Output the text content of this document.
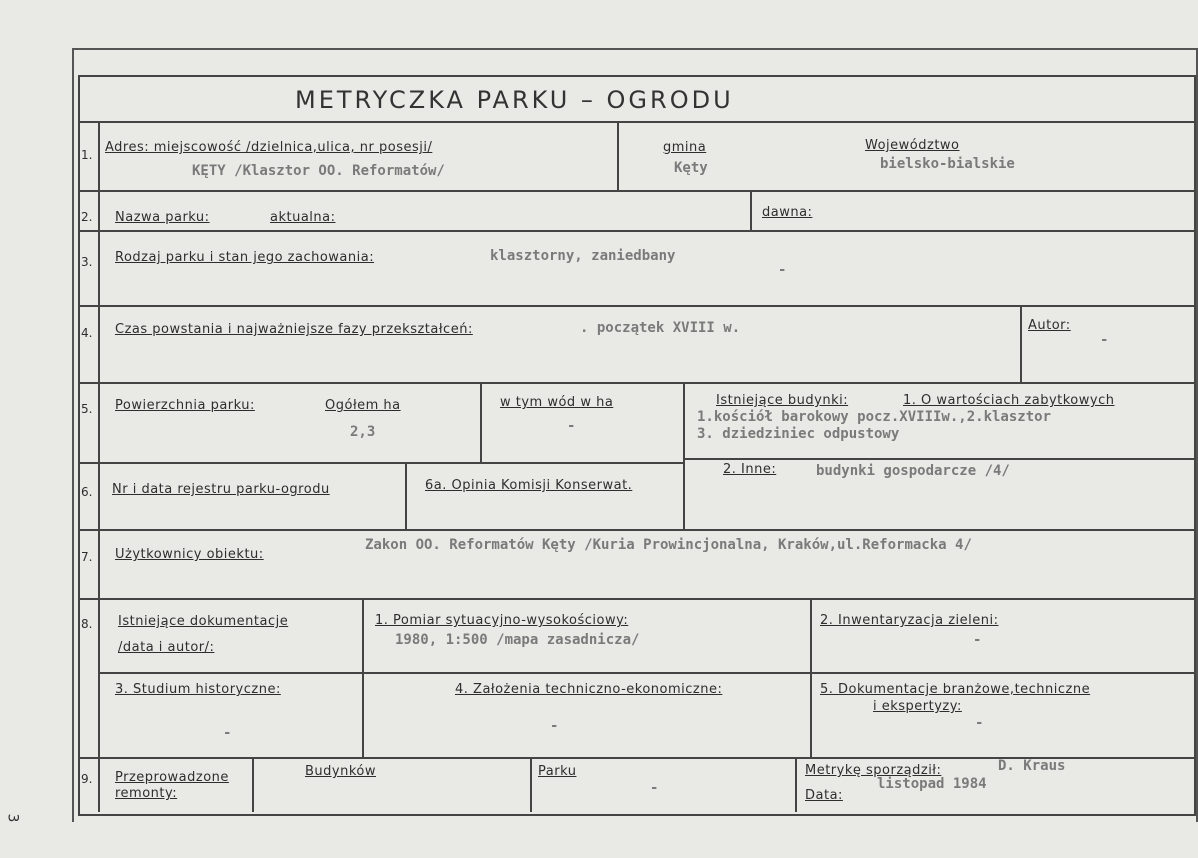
METRYCZKA PARKU – OGRODU
3
1. Adres: miejscowość /dzielnica,ulica, nr posesji/
KĘTY /Klasztor OO. Reformatów/
gmina
Kęty
Województwo
bielsko-bialskie
2. Nazwa parku:	aktualna:	dawna:
3. Rodzaj parku i stan jego zachowania:	klasztorny, zaniedbany
-
4. Czas powstania i najważniejsze fazy przekształceń:	. początek XVIII w.	Autor:
-
5. Powierzchnia parku:	Ogółem ha
2,3
w tym wód w ha
-
Istniejące budynki:	1. O wartościach zabytkowych
1.kościół barokowy pocz.XVIIIw.,2.klasztor
3. dziedziniec odpustowy
6. Nr i data rejestru parku-ogrodu	6a. Opinia Komisji Konserwat.
2. Inne:	budynki gospodarcze /4/
7. Użytkownicy obiektu:
Zakon OO. Reformatów Kęty /Kuria Prowincjonalna, Kraków,ul.Reformacka 4/
8. Istniejące dokumentacje
/data i autor/:
1. Pomiar sytuacyjno-wysokościowy:
1980, 1:500 /mapa zasadnicza/
2. Inwentaryzacja zieleni:
-
3. Studium historyczne:
-
4. Założenia techniczno-ekonomiczne:
-
5. Dokumentacje branżowe,techniczne
i ekspertyzy:
-
9. Przeprowadzone
remonty:
Budynków	Parku
-
Metrykę sporządził:	D. Kraus
Data:
listopad 1984
